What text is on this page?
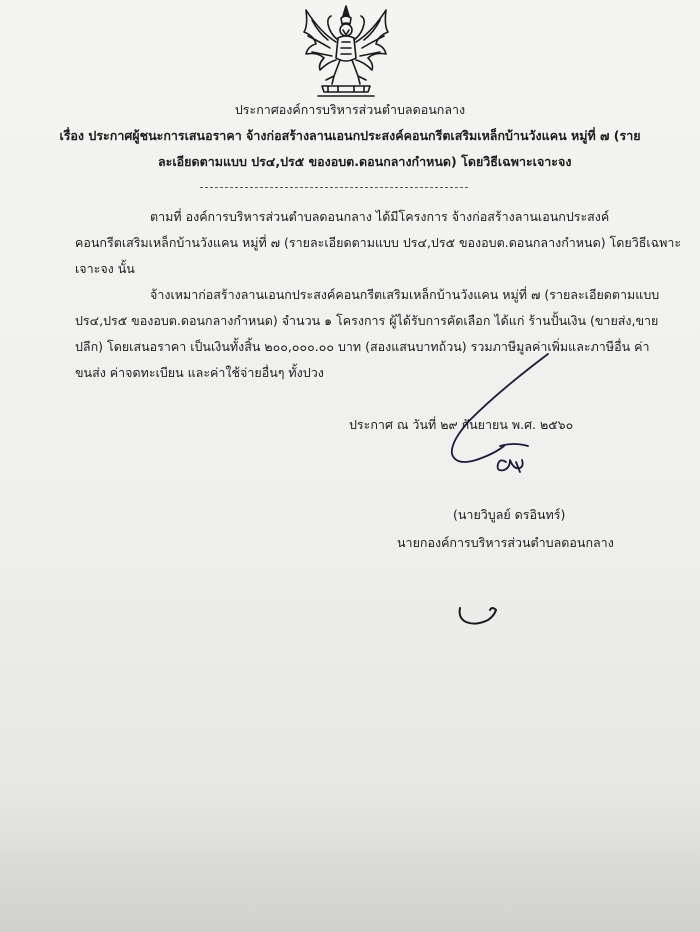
ประกาศองค์การบริหารส่วนตำบลดอนกลาง
เรื่อง ประกาศผู้ชนะการเสนอราคา จ้างก่อสร้างลานเอนกประสงค์คอนกรีตเสริมเหล็กบ้านวังแคน หมู่ที่ ๗ (ราย
ละเอียดตามแบบ ปร๔,ปร๕ ของอบต.ดอนกลางกำหนด) โดยวิธีเฉพาะเจาะจง
ตามที่ องค์การบริหารส่วนตำบลดอนกลาง ได้มีโครงการ จ้างก่อสร้างลานเอนกประสงค์
คอนกรีตเสริมเหล็กบ้านวังแคน หมู่ที่ ๗ (รายละเอียดตามแบบ ปร๔,ปร๕ ของอบต.ดอนกลางกำหนด) โดยวิธีเฉพาะ
เจาะจง นั้น
จ้างเหมาก่อสร้างลานเอนกประสงค์คอนกรีตเสริมเหล็กบ้านวังแคน หมู่ที่ ๗ (รายละเอียดตามแบบ
ปร๔,ปร๕ ของอบต.ดอนกลางกำหนด) จำนวน ๑ โครงการ ผู้ได้รับการคัดเลือก ได้แก่ ร้านปั้นเงิน (ขายส่ง,ขาย
ปลีก) โดยเสนอราคา เป็นเงินทั้งสิ้น ๒๐๐,๐๐๐.๐๐ บาท (สองแสนบาทถ้วน) รวมภาษีมูลค่าเพิ่มและภาษีอื่น ค่า
ขนส่ง ค่าจดทะเบียน และค่าใช้จ่ายอื่นๆ ทั้งปวง
ประกาศ ณ วันที่ ๒๙ กันยายน พ.ศ. ๒๕๖๐
(นายวิบูลย์ ดรอินทร์)
นายกองค์การบริหารส่วนตำบลดอนกลาง
